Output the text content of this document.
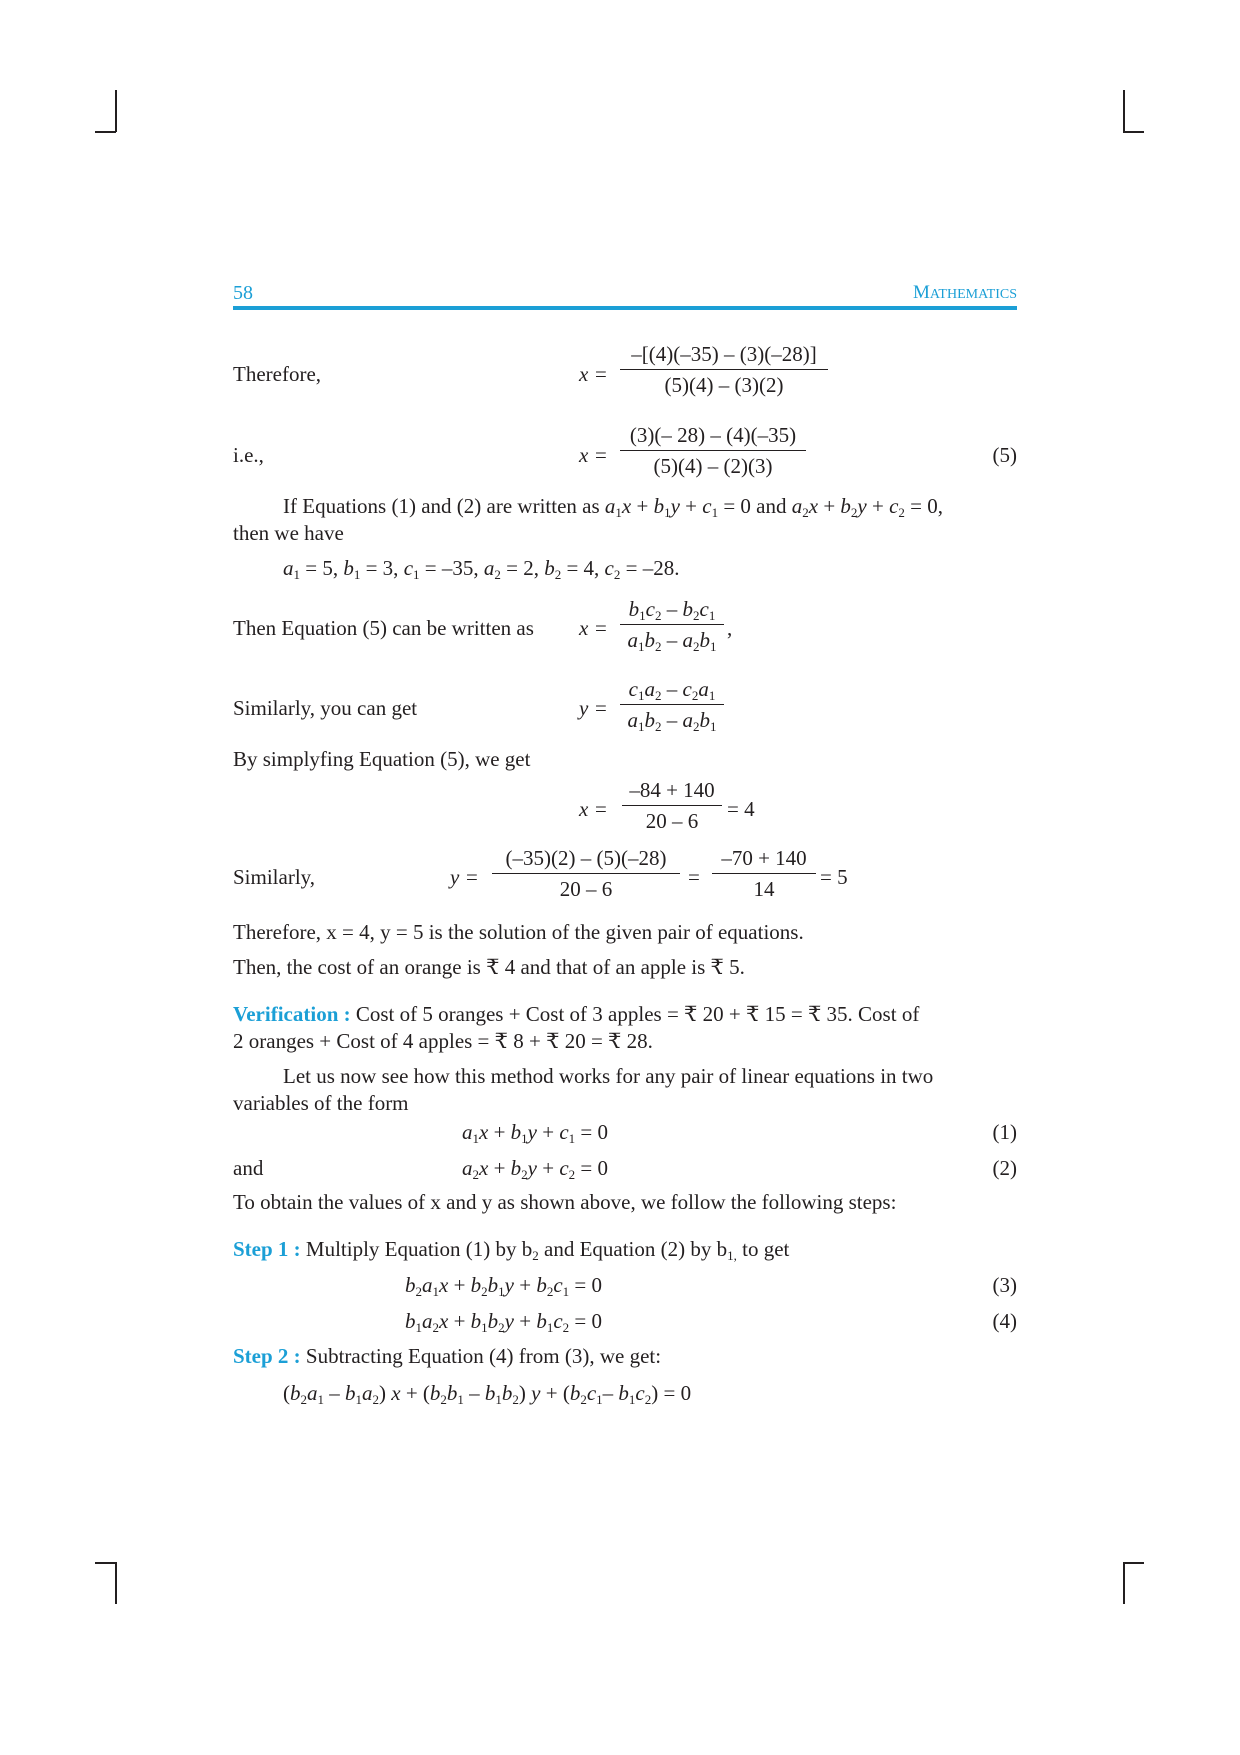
58	MATHEMATICS
Therefore,	$x = \frac{-[(4)(-35) - (3)(-28)]}{(5)(4) - (3)(2)}$
i.e.,	$x = \frac{(3)(- 28) - (4)(-35)}{(5)(4) - (2)(3)}$	(5)
If Equations (1) and (2) are written as $a_1x + b_1y + c_1 = 0$ and $a_2x + b_2y + c_2 = 0$,
then we have
$a_1 = 5$, $b_1 = 3$, $c_1 = -35$, $a_2 = 2$, $b_2 = 4$, $c_2 = -28$.
Then Equation (5) can be written as $x = \frac{b_1c_2 - b_2c_1}{a_1b_2 - a_2b_1}$ ,
Similarly, you can get	$y = \frac{c_1a_2 - c_2a_1}{a_1b_2 - a_2b_1}$
By simplyfing Equation (5), we get
$x = \frac{-84 + 140}{20 - 6} = 4$
Similarly,	$y = \frac{(-35)(2) - (5)(-28)}{20 - 6} = \frac{-70 + 140}{14} = 5$
Therefore, x = 4, y = 5 is the solution of the given pair of equations.
Then, the cost of an orange is ₹ 4 and that of an apple is ₹ 5.
Verification : Cost of 5 oranges + Cost of 3 apples = ₹ 20 + ₹ 15 = ₹ 35. Cost of
2 oranges + Cost of 4 apples = ₹ 8 + ₹ 20 = ₹ 28.
Let us now see how this method works for any pair of linear equations in two
variables of the form
$a_1x + b_1y + c_1 = 0$	(1)
and	$a_2x + b_2y + c_2 = 0$	(2)
To obtain the values of x and y as shown above, we follow the following steps:
Step 1 : Multiply Equation (1) by $b_2$ and Equation (2) by $b_{1,}$ to get
$b_2a_1x + b_2b_1y + b_2c_1 = 0$	(3)
$b_1a_2x + b_1b_2y + b_1c_2 = 0$	(4)
Step 2 : Subtracting Equation (4) from (3), we get:
$(b_2a_1 - b_1a_2) x + (b_2b_1 - b_1b_2) y + (b_2c_1-$ $b_1c_2) = 0$
